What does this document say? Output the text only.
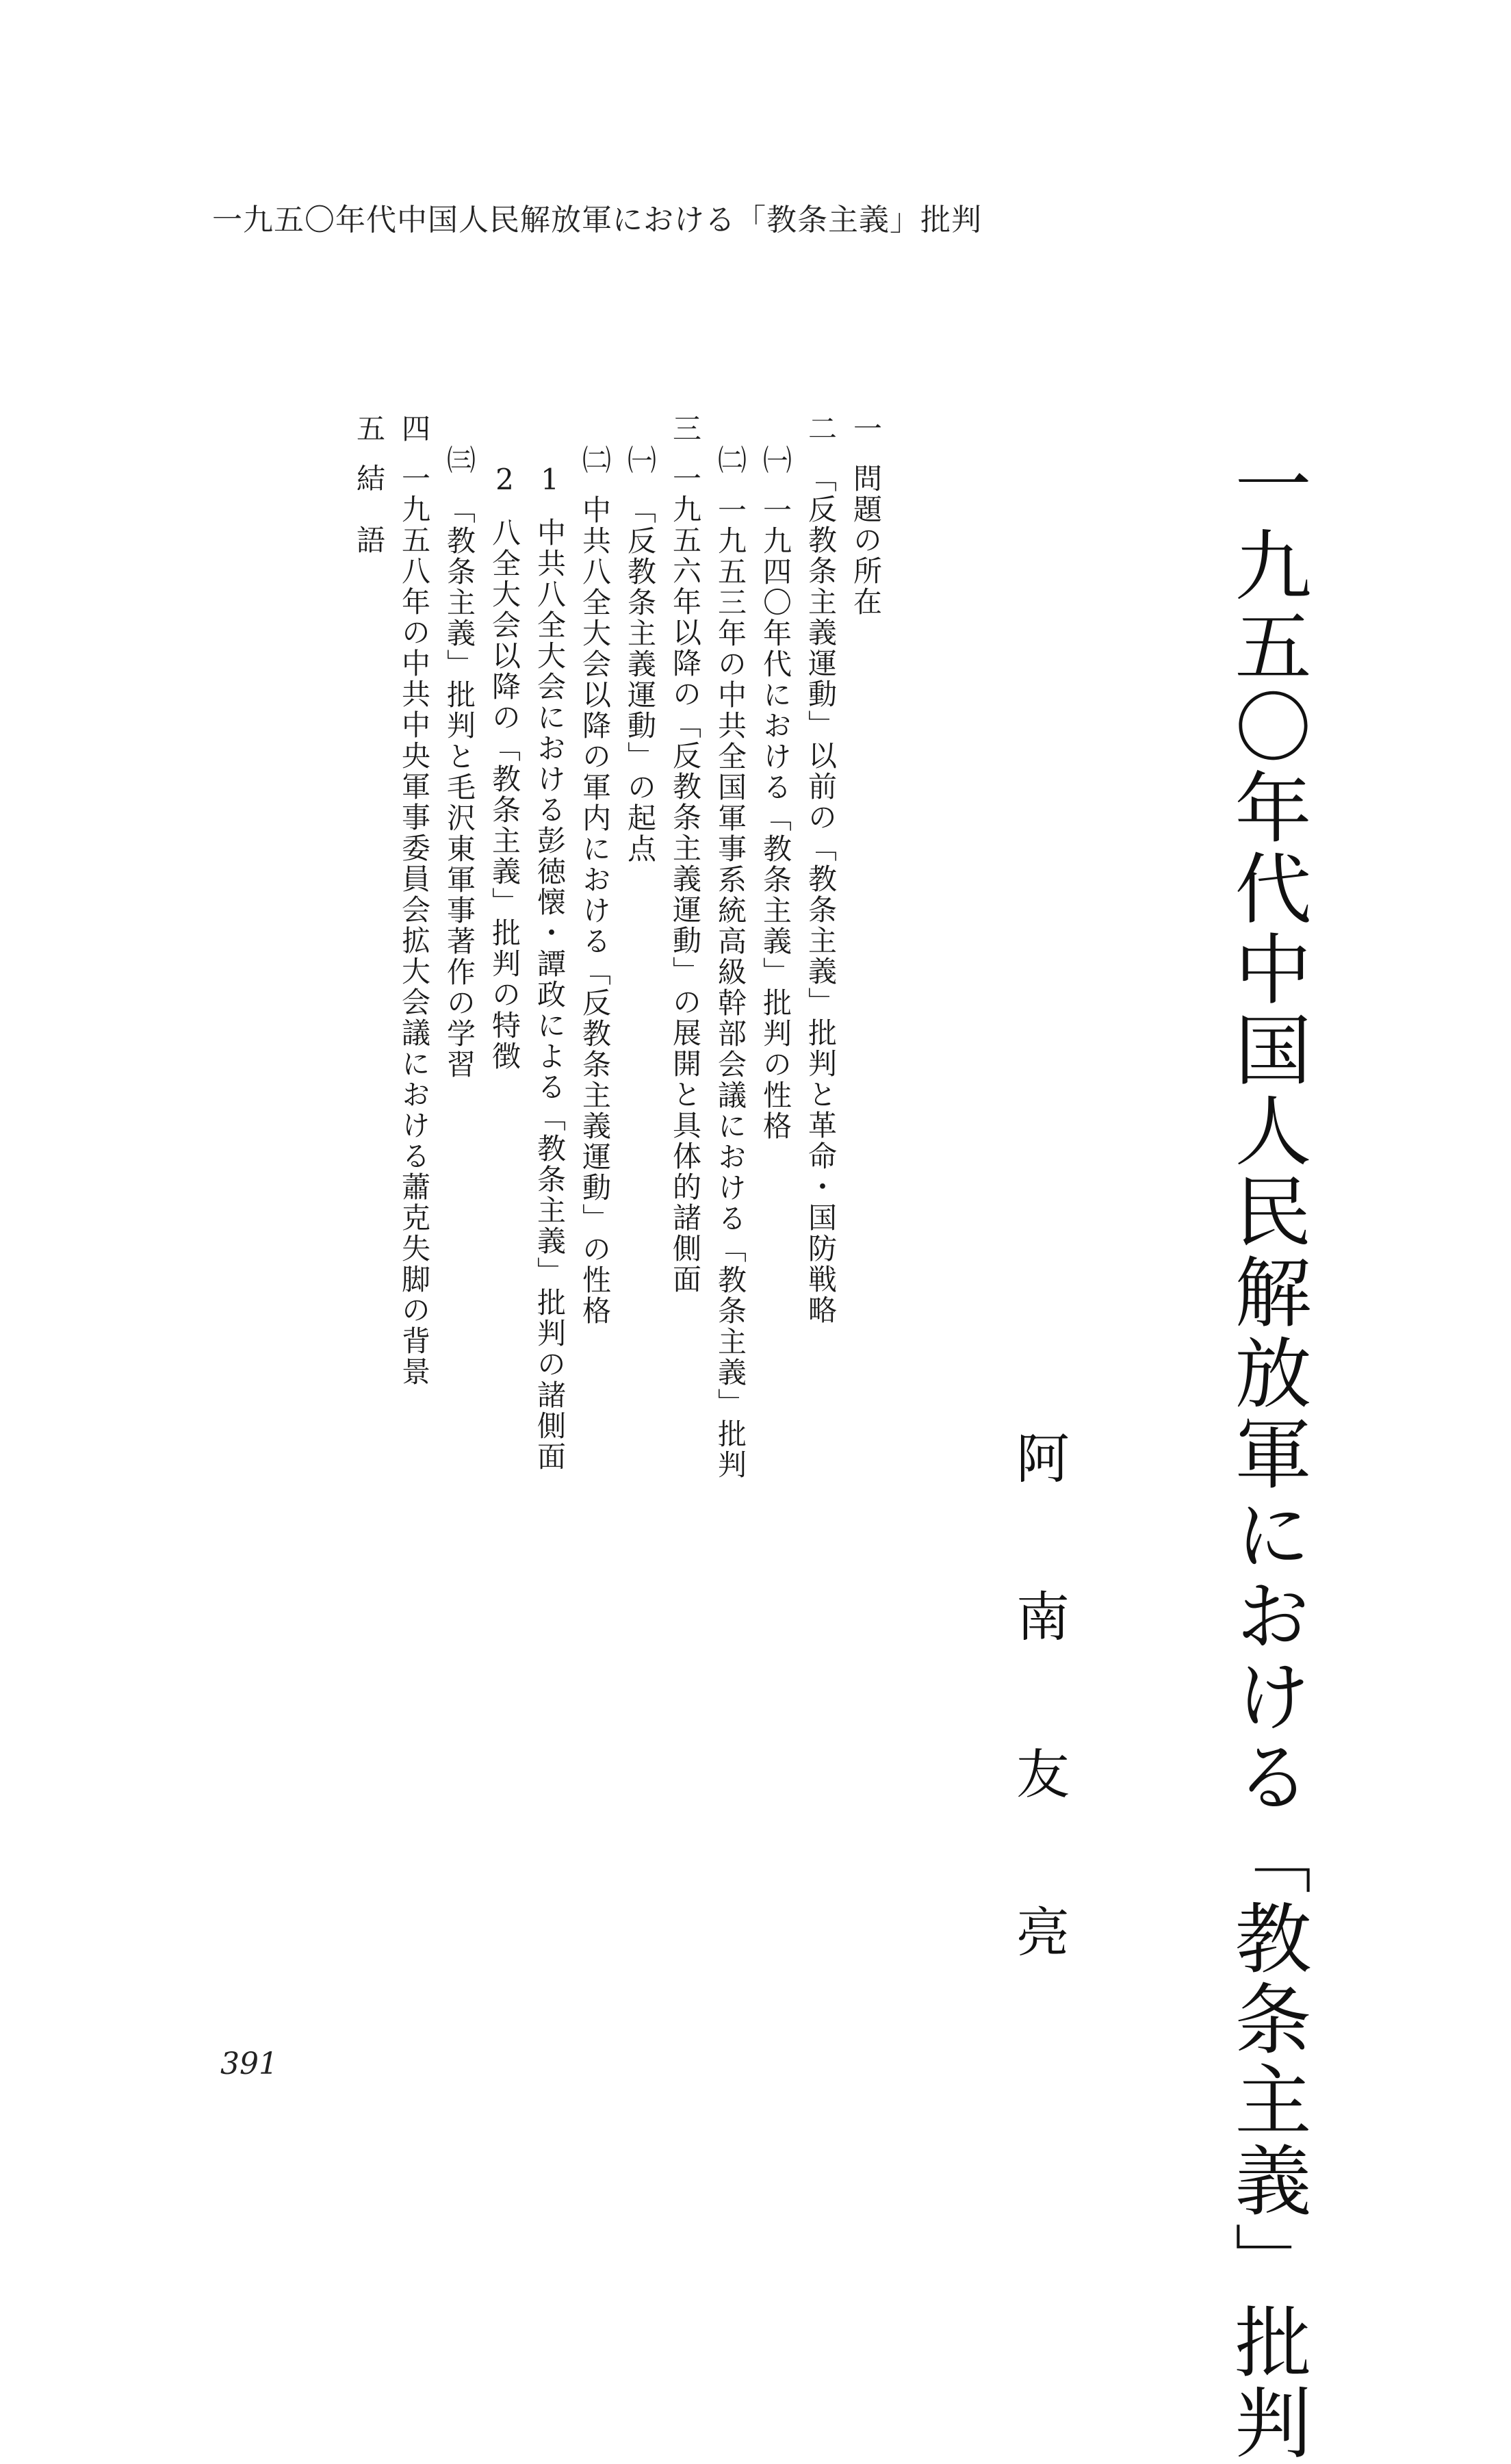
一九五〇年代中国人民解放軍における「教条主義」批判
一九五〇年代中国人民解放軍における「教条主義」批判
阿
南
友
亮
一問題の所在
二「反教条主義運動」以前の「教条主義」批判と革命・国防戦略
㈠一九四〇年代における「教条主義」批判の性格
㈡一九五三年の中共全国軍事系統高級幹部会議における「教条主義」批判
三一九五六年以降の「反教条主義運動」の展開と具体的諸側面
㈠「反教条主義運動」の起点
㈡中共八全大会以降の軍内における「反教条主義運動」の性格
1中共八全大会における彭徳懐・譚政による「教条主義」批判の諸側面
2八全大会以降の「教条主義」批判の特徴
㈢「教条主義」批判と毛沢東軍事著作の学習
四一九五八年の中共中央軍事委員会拡大会議における蕭克失脚の背景
五結　語
391
